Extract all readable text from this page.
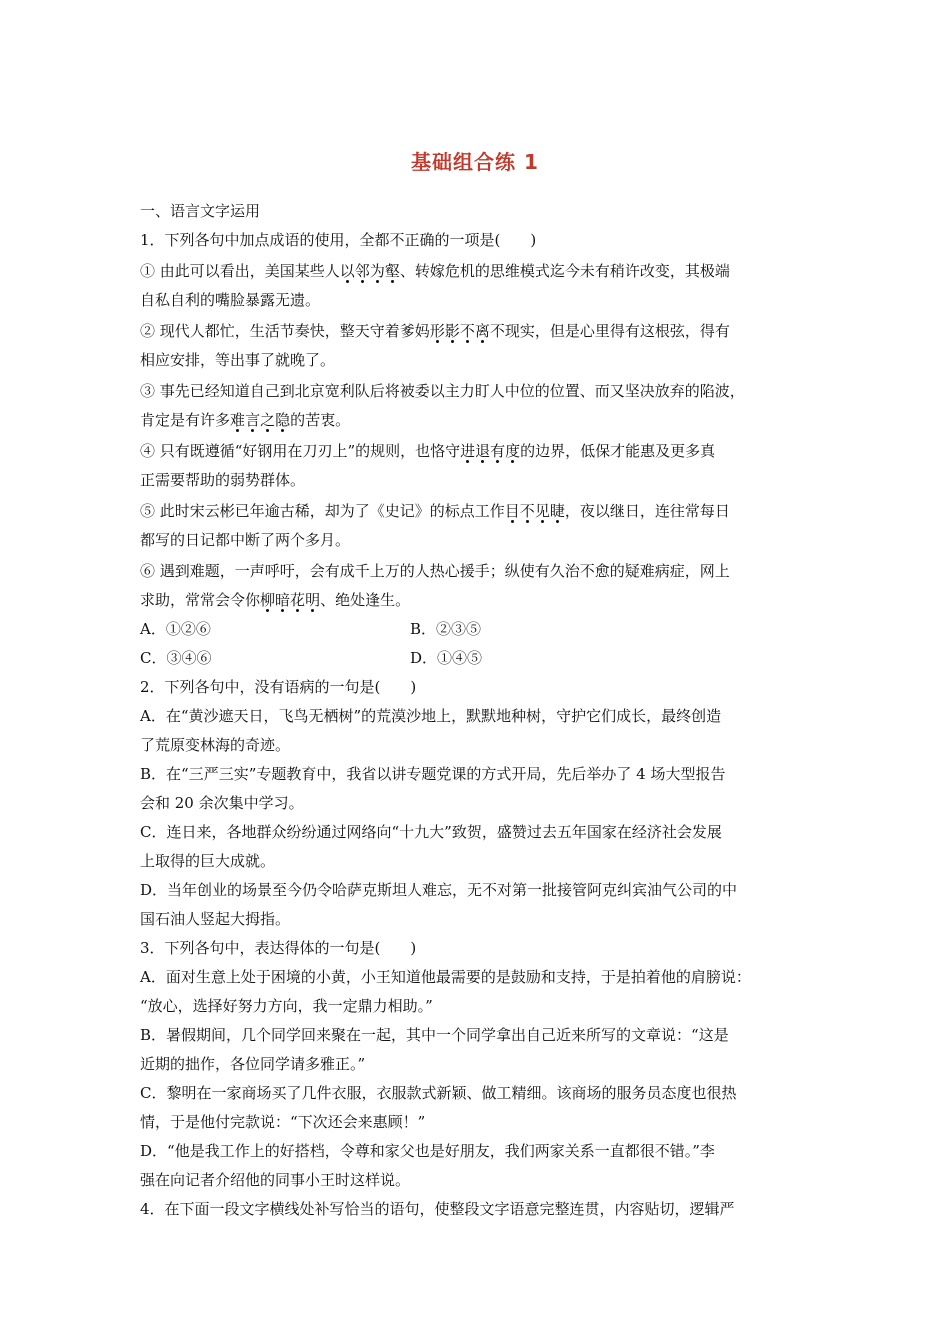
基础组合练 1
一、语言文字运用
1．下列各句中加点成语的使用，全都不正确的一项是(　　)
① 由此可以看出，美国某些人以邻为壑、转嫁危机的思维模式迄今未有稍许改变，其极端
自私自利的嘴脸暴露无遗。
② 现代人都忙，生活节奏快，整天守着爹妈形影不离不现实，但是心里得有这根弦，得有
相应安排，等出事了就晚了。
③ 事先已经知道自己到北京宽利队后将被委以主力盯人中位的位置、而又坚决放弃的陷波，
肯定是有许多难言之隐的苦衷。
④ 只有既遵循“好钢用在刀刃上”的规则，也恪守进退有度的边界，低保才能惠及更多真
正需要帮助的弱势群体。
⑤ 此时宋云彬已年逾古稀，却为了《史记》的标点工作目不见睫，夜以继日，连往常每日
都写的日记都中断了两个多月。
⑥ 遇到难题，一声呼吁，会有成千上万的人热心援手；纵使有久治不愈的疑难病症，网上
求助，常常会令你柳暗花明、绝处逢生。
A．①②⑥	B．②③⑤
C．③④⑥	D．①④⑤
2．下列各句中，没有语病的一句是(　　)
A．在“黄沙遮天日，飞鸟无栖树”的荒漠沙地上，默默地种树，守护它们成长，最终创造
了荒原变林海的奇迹。
B．在“三严三实”专题教育中，我省以讲专题党课的方式开局，先后举办了 4 场大型报告
会和 20 余次集中学习。
C．连日来，各地群众纷纷通过网络向“十九大”致贺，盛赞过去五年国家在经济社会发展
上取得的巨大成就。
D．当年创业的场景至今仍令哈萨克斯坦人难忘，无不对第一批接管阿克纠宾油气公司的中
国石油人竖起大拇指。
3．下列各句中，表达得体的一句是(　　)
A．面对生意上处于困境的小黄，小王知道他最需要的是鼓励和支持，于是拍着他的肩膀说：
“放心，选择好努力方向，我一定鼎力相助。”
B．暑假期间，几个同学回来聚在一起，其中一个同学拿出自己近来所写的文章说：“这是
近期的拙作，各位同学请多雅正。”
C．黎明在一家商场买了几件衣服，衣服款式新颖、做工精细。该商场的服务员态度也很热
情，于是他付完款说：“下次还会来惠顾！”
D．“他是我工作上的好搭档，令尊和家父也是好朋友，我们两家关系一直都很不错。”李
强在向记者介绍他的同事小王时这样说。
4．在下面一段文字横线处补写恰当的语句，使整段文字语意完整连贯，内容贴切，逻辑严
